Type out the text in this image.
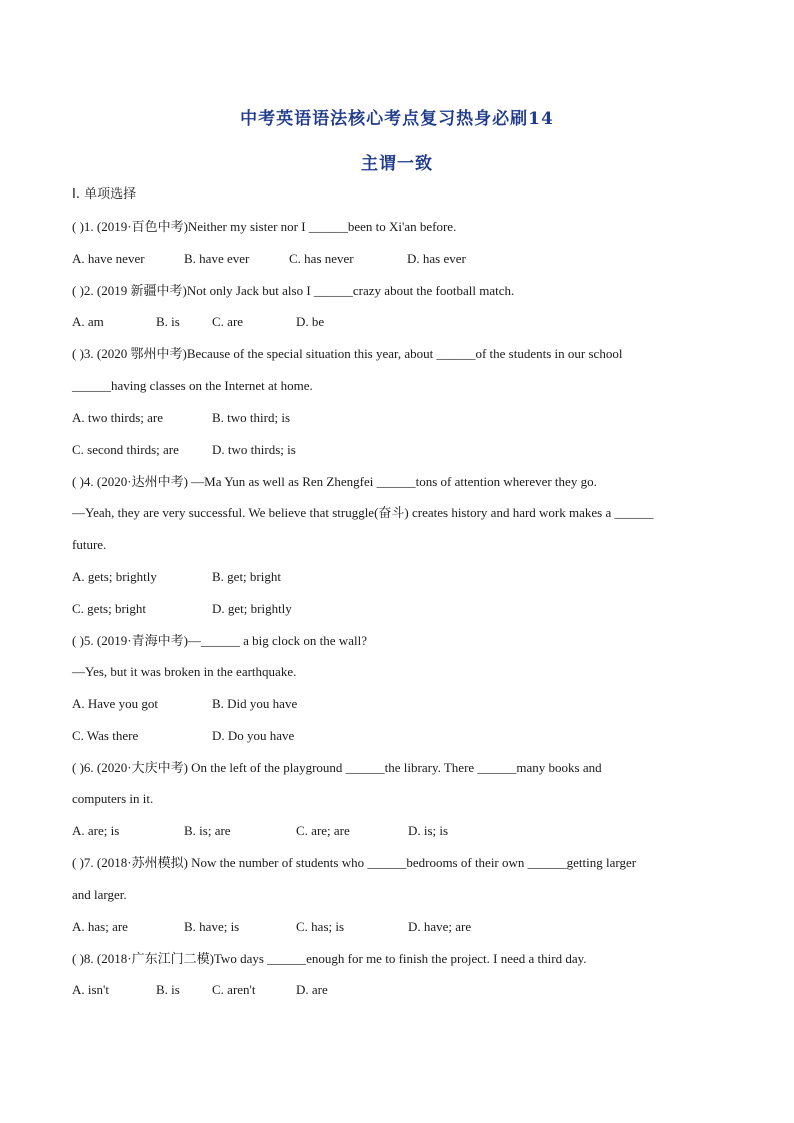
中考英语语法核心考点复习热身必刷14
主谓一致
Ⅰ. 单项选择
( )1. (2019·百色中考)Neither my sister nor I ______been to Xi'an before.
A. have never	B. have ever	C. has never	D. has ever
( )2. (2019 新疆中考)Not only Jack but also I ______crazy about the football match.
A. am	B. is C. are	D. be
( )3. (2020 鄂州中考)Because of the special situation this year, about ______of the students in our school
______having classes on the Internet at home.
A. two thirds; are	B. two third; is
C. second thirds; are	D. two thirds; is
( )4. (2020·达州中考) —Ma Yun as well as Ren Zhengfei ______tons of attention wherever they go.
—Yeah, they are very successful. We believe that struggle(奋斗) creates history and hard work makes a ______
future.
A. gets; brightly	B. get; bright
C. gets; bright	D. get; brightly
( )5. (2019·青海中考)—______ a big clock on the wall?
—Yes, but it was broken in the earthquake.
A. Have you got	B. Did you have
C. Was there	D. Do you have
( )6. (2020·大庆中考) On the left of the playground ______the library. There ______many books and
computers in it.
A. are; is	B. is; are	C. are; are	D. is; is
( )7. (2018·苏州模拟) Now the number of students who ______bedrooms of their own ______getting larger
and larger.
A. has; are	B. have; is	C. has; is	D. have; are
( )8. (2018·广东江门二模)Two days ______enough for me to finish the project. I need a third day.
A. isn't	B. is C. aren't	D. are
